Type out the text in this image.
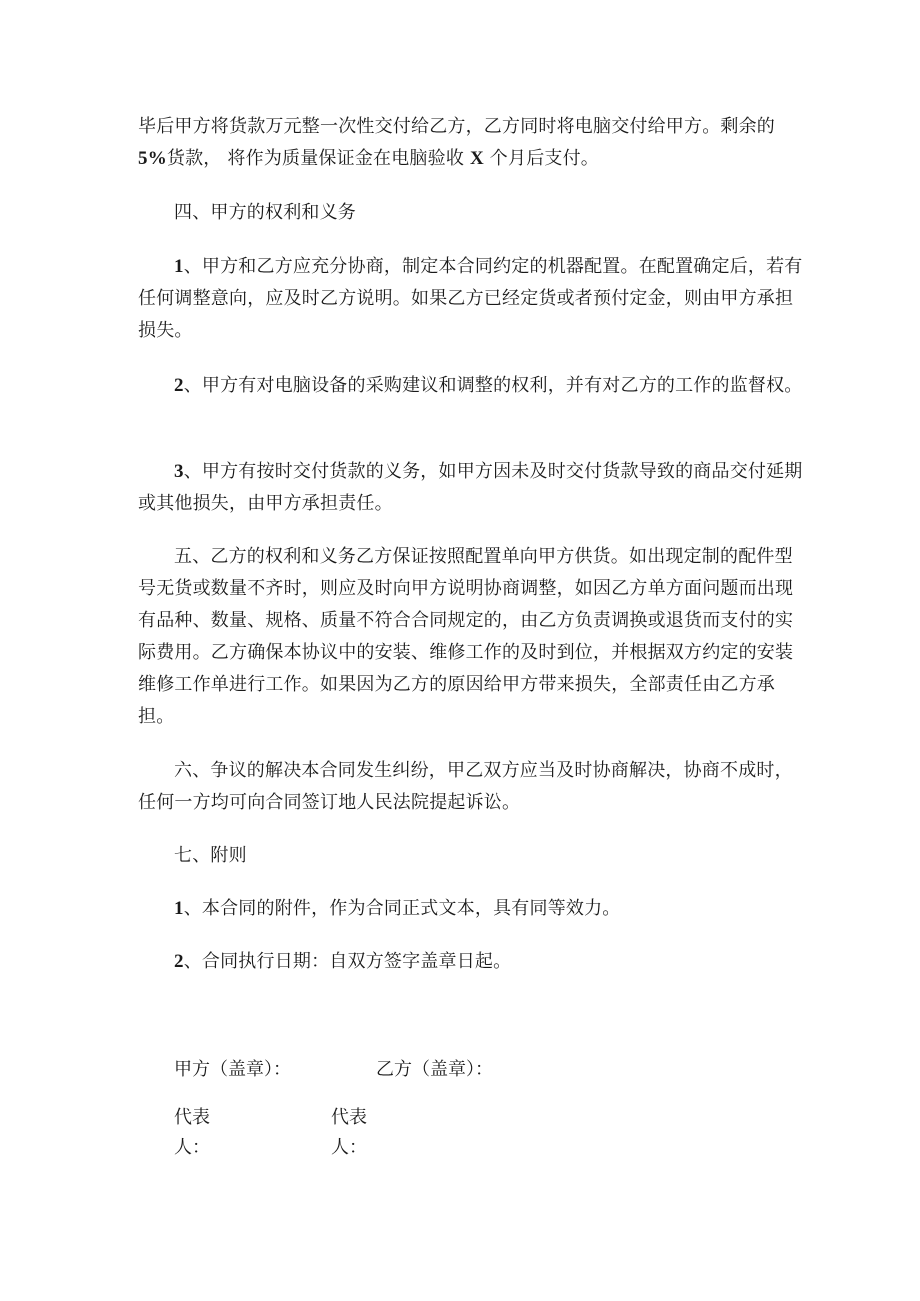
毕后甲方将货款万元整一次性交付给乙方，乙方同时将电脑交付给甲方。剩余的
5%货款， 将作为质量保证金在电脑验收 X 个月后支付。

四、甲方的权利和义务

1、甲方和乙方应充分协商，制定本合同约定的机器配置。在配置确定后，若有任何调整意向，应及时乙方说明。如果乙方已经定货或者预付定金，则由甲方承担损失。

2、甲方有对电脑设备的采购建议和调整的权利，并有对乙方的工作的监督权。

3、甲方有按时交付货款的义务，如甲方因未及时交付货款导致的商品交付延期或其他损失，由甲方承担责任。

五、乙方的权利和义务乙方保证按照配置单向甲方供货。如出现定制的配件型号无货或数量不齐时，则应及时向甲方说明协商调整，如因乙方单方面问题而出现有品种、数量、规格、质量不符合合同规定的，由乙方负责调换或退货而支付的实际费用。乙方确保本协议中的安装、维修工作的及时到位，并根据双方约定的安装维修工作单进行工作。如果因为乙方的原因给甲方带来损失，全部责任由乙方承担。

六、争议的解决本合同发生纠纷，甲乙双方应当及时协商解决，协商不成时，任何一方均可向合同签订地人民法院提起诉讼。

七、附则

1、本合同的附件，作为合同正式文本，具有同等效力。

2、合同执行日期：自双方签字盖章日起。

甲方（盖章）：	乙方（盖章）：

代表人：

代表人：
